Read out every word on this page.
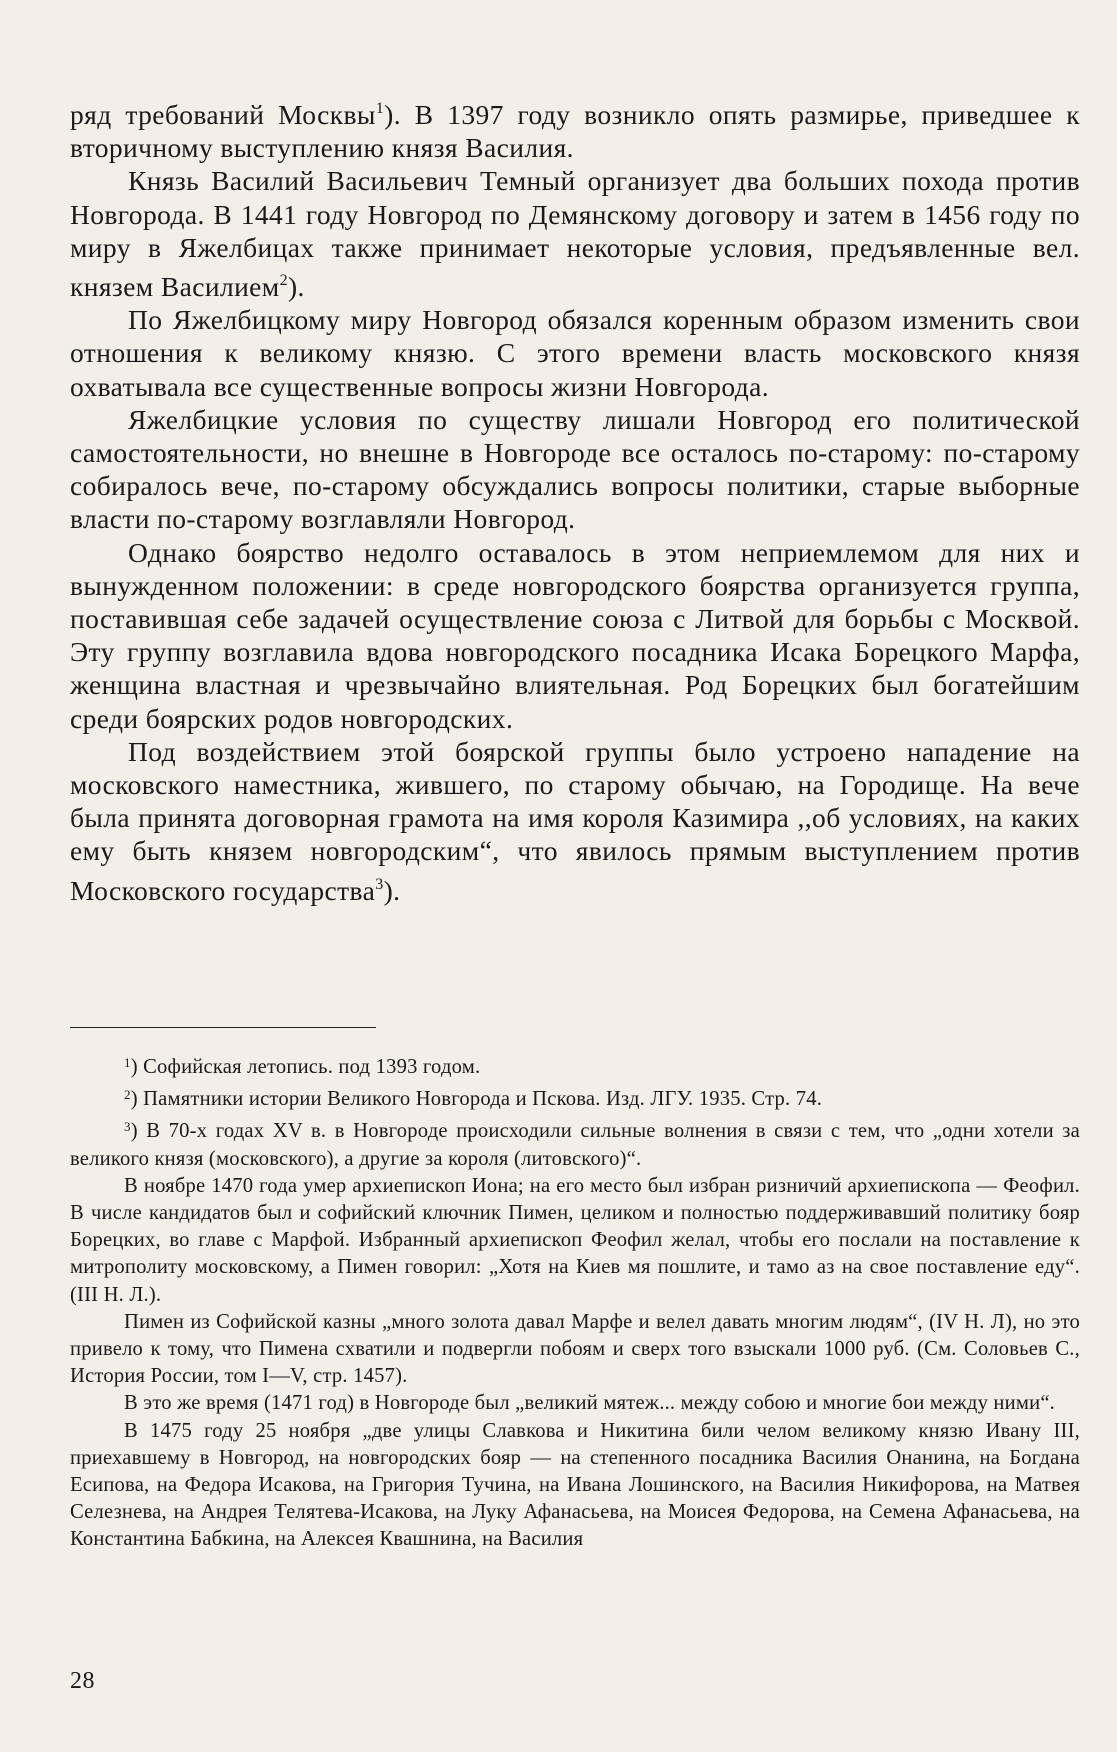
ряд требований Москвы$^1$). В 1397 году возникло опять размирье, приведшее к вторичному выступлению князя Василия.

Князь Василий Васильевич Темный организует два больших похода против Новгорода. В 1441 году Новгород по Демянскому договору и затем в 1456 году по миру в Яжелбицах также принимает некоторые условия, предъявленные вел. князем Василием$^2$).

По Яжелбицкому миру Новгород обязался коренным образом изменить свои отношения к великому князю. С этого времени власть московского князя охватывала все существенные вопросы жизни Новгорода.

Яжелбицкие условия по существу лишали Новгород его политической самостоятельности, но внешне в Новгороде все осталось по-старому: по-старому собиралось вече, по-старому обсуждались вопросы политики, старые выборные власти по-старому возглавляли Новгород.

Однако боярство недолго оставалось в этом неприемлемом для них и вынужденном положении: в среде новгородского боярства организуется группа, поставившая себе задачей осуществление союза с Литвой для борьбы с Москвой. Эту группу возглавила вдова новгородского посадника Исака Борецкого Марфа, женщина властная и чрезвычайно влиятельная. Род Борецких был богатейшим среди боярских родов новгородских.

Под воздействием этой боярской группы было устроено нападение на московского наместника, жившего, по старому обычаю, на Городище. На вече была принята договорная грамота на имя короля Казимира ,,об условиях, на каких ему быть князем новгородским“, что явилось прямым выступлением против Московского государства$^3$).

$^1$) Софийская летопись. под 1393 годом.

$^2$) Памятники истории Великого Новгорода и Пскова. Изд. ЛГУ. 1935. Стр. 74.

$^3$) В 70-х годах XV в. в Новгороде происходили сильные волнения в связи с тем, что „одни хотели за великого князя (московского), а другие за короля (литовского)“.

В ноябре 1470 года умер архиепископ Иона; на его место был избран ризничий архиепископа — Феофил. В числе кандидатов был и софийский ключник Пимен, целиком и полностью поддерживавший политику бояр Борецких, во главе с Марфой. Избранный архиепископ Феофил желал, чтобы его послали на поставление к митрополиту московскому, а Пимен говорил: „Хотя на Киев мя пошлите, и тамо аз на свое поставление еду“. (III Н. Л.).

Пимен из Софийской казны „много золота давал Марфе и велел давать многим людям“, (IV Н. Л), но это привело к тому, что Пимена схватили и подвергли побоям и сверх того взыскали 1000 руб. (См. Соловьев С., История России, том I—V, стр. 1457).

В это же время (1471 год) в Новгороде был „великий мятеж... между собою и многие бои между ними“.

В 1475 году 25 ноября „две улицы Славкова и Никитина били челом великому князю Ивану III, приехавшему в Новгород, на новгородских бояр — на степенного посадника Василия Онанина, на Богдана Есипова, на Федора Исакова, на Григория Тучина, на Ивана Лошинского, на Василия Никифорова, на Матвея Селезнева, на Андрея Телятева-Исакова, на Луку Афанасьева, на Моисея Федорова, на Семена Афанасьева, на Константина Бабкина, на Алексея Квашнина, на Василия

28
